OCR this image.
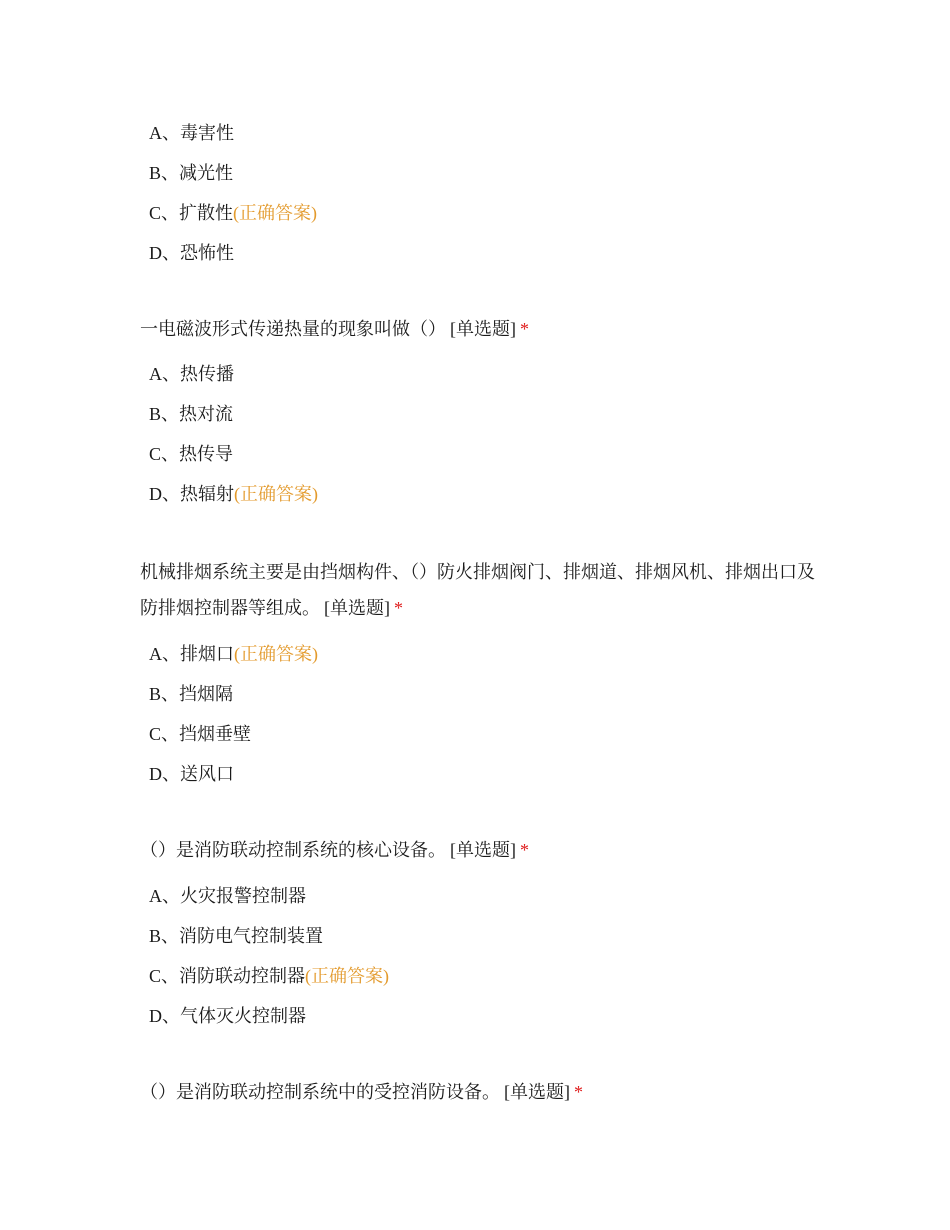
A、毒害性
B、减光性
C、扩散性(正确答案)
D、恐怖性
一电磁波形式传递热量的现象叫做（） [单选题] *
A、热传播
B、热对流
C、热传导
D、热辐射(正确答案)
机械排烟系统主要是由挡烟构件、（）防火排烟阀门、排烟道、排烟风机、排烟出口及防排烟控制器等组成。 [单选题] *
A、排烟口(正确答案)
B、挡烟隔
C、挡烟垂壁
D、送风口
（）是消防联动控制系统的核心设备。 [单选题] *
A、火灾报警控制器
B、消防电气控制装置
C、消防联动控制器(正确答案)
D、气体灭火控制器
（）是消防联动控制系统中的受控消防设备。 [单选题] *
